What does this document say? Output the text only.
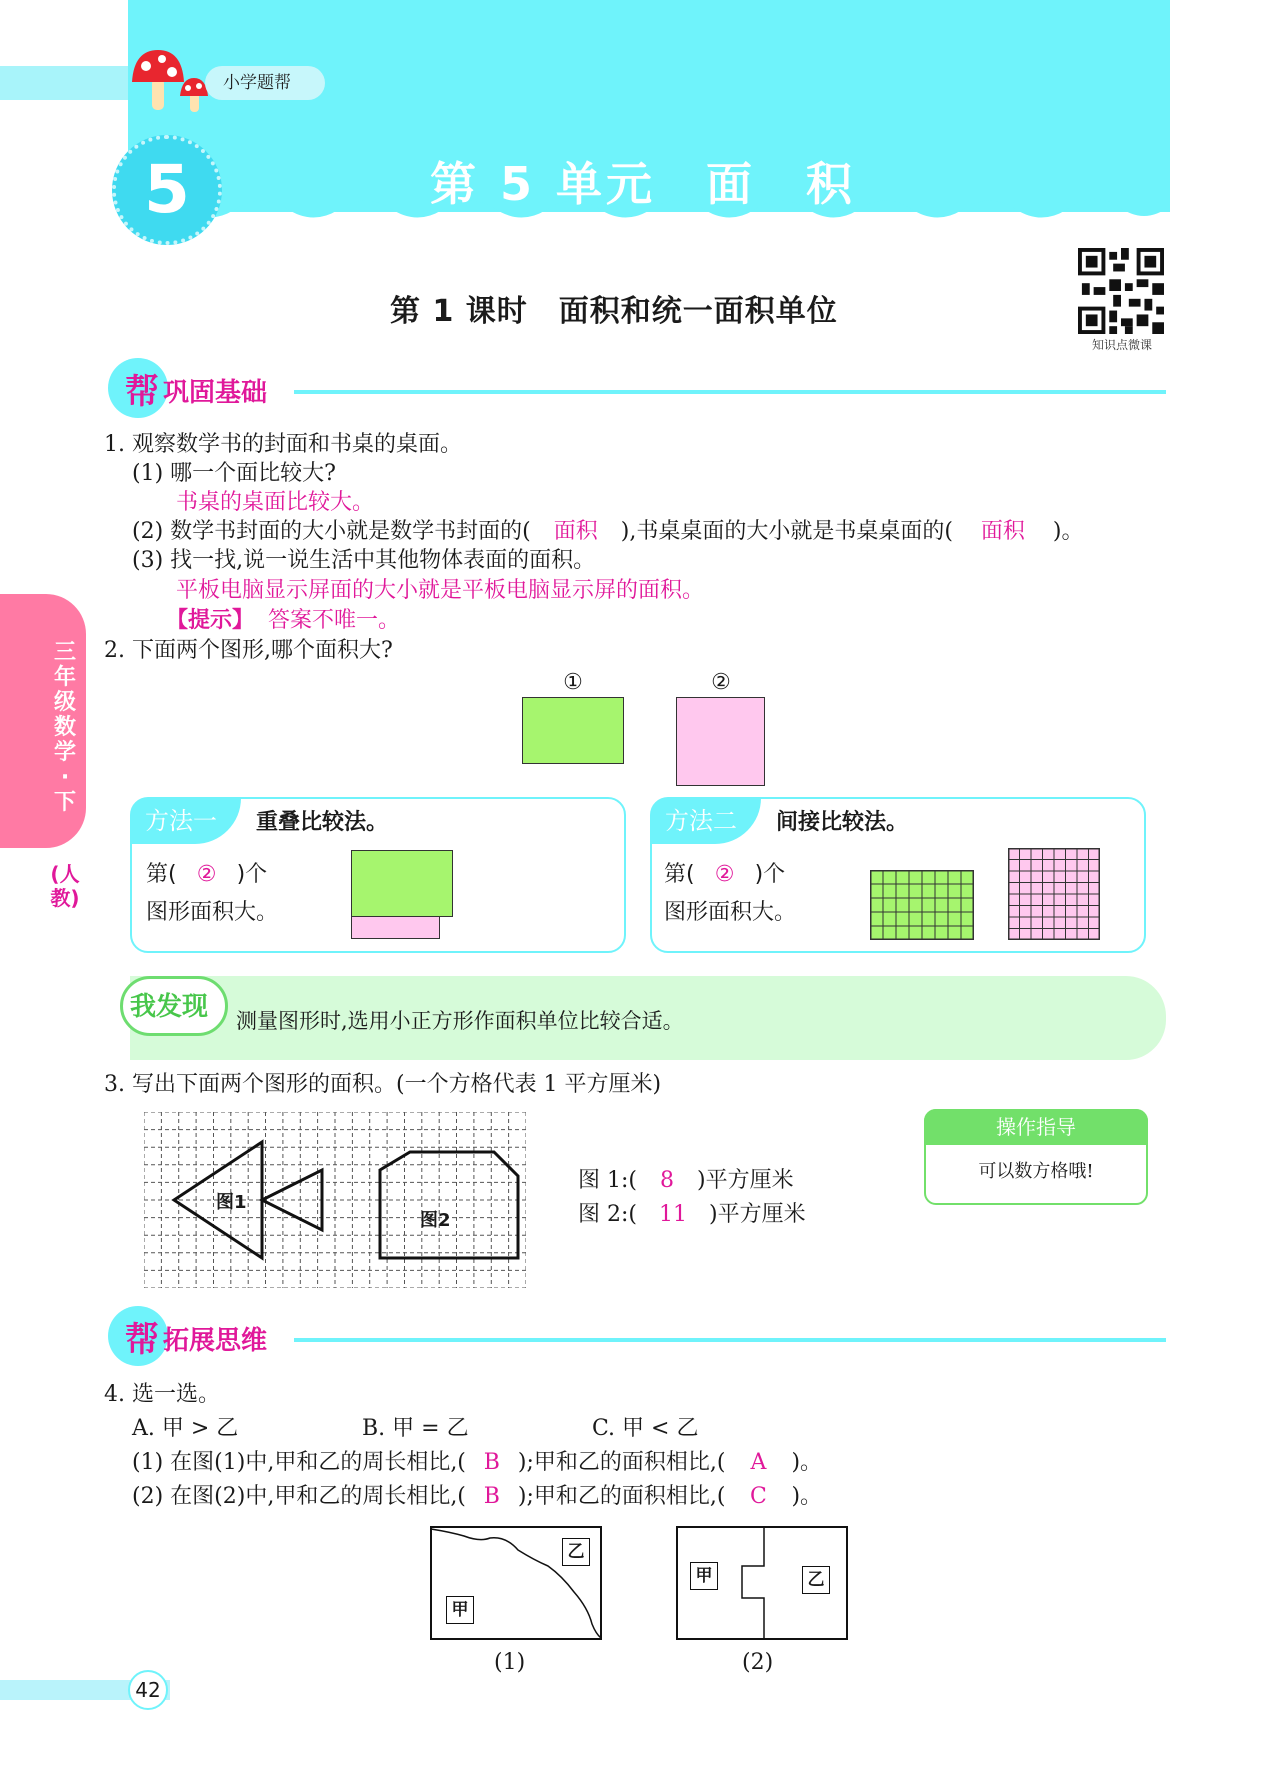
小学题帮
5	第 5 单元　面　积
第 1 课时　面积和统一面积单位
知识点微课
三年级数学·下
(人教)
帮 巩固基础
1. 观察数学书的封面和书桌的桌面。
(1) 哪一个面比较大?
书桌的桌面比较大。
(2) 数学书封面的大小就是数学书封面的( 面积 ),书桌桌面的大小就是书桌桌面的( 面积 )。
(3) 找一找,说一说生活中其他物体表面的面积。
平板电脑显示屏面的大小就是平板电脑显示屏的面积。
【提示】 答案不唯一。
2. 下面两个图形,哪个面积大?
①	②
方法一	重叠比较法。
第( ② )个
图形面积大。
方法二	间接比较法。
第( ② )个
图形面积大。
我发现 测量图形时,选用小正方形作面积单位比较合适。
3. 写出下面两个图形的面积。(一个方格代表 1 平方厘米)
图1
图2
图 1:( 8 )平方厘米
图 2:( 11 )平方厘米
操作指导
可以数方格哦!
帮 拓展思维
4. 选一选。
A. 甲 > 乙	B. 甲 = 乙	C. 甲 < 乙
(1) 在图(1)中,甲和乙的周长相比,( B );甲和乙的面积相比,( A )。
(2) 在图(2)中,甲和乙的周长相比,( B );甲和乙的面积相比,( C )。
乙
甲
(1)
甲	乙
(2)
42
